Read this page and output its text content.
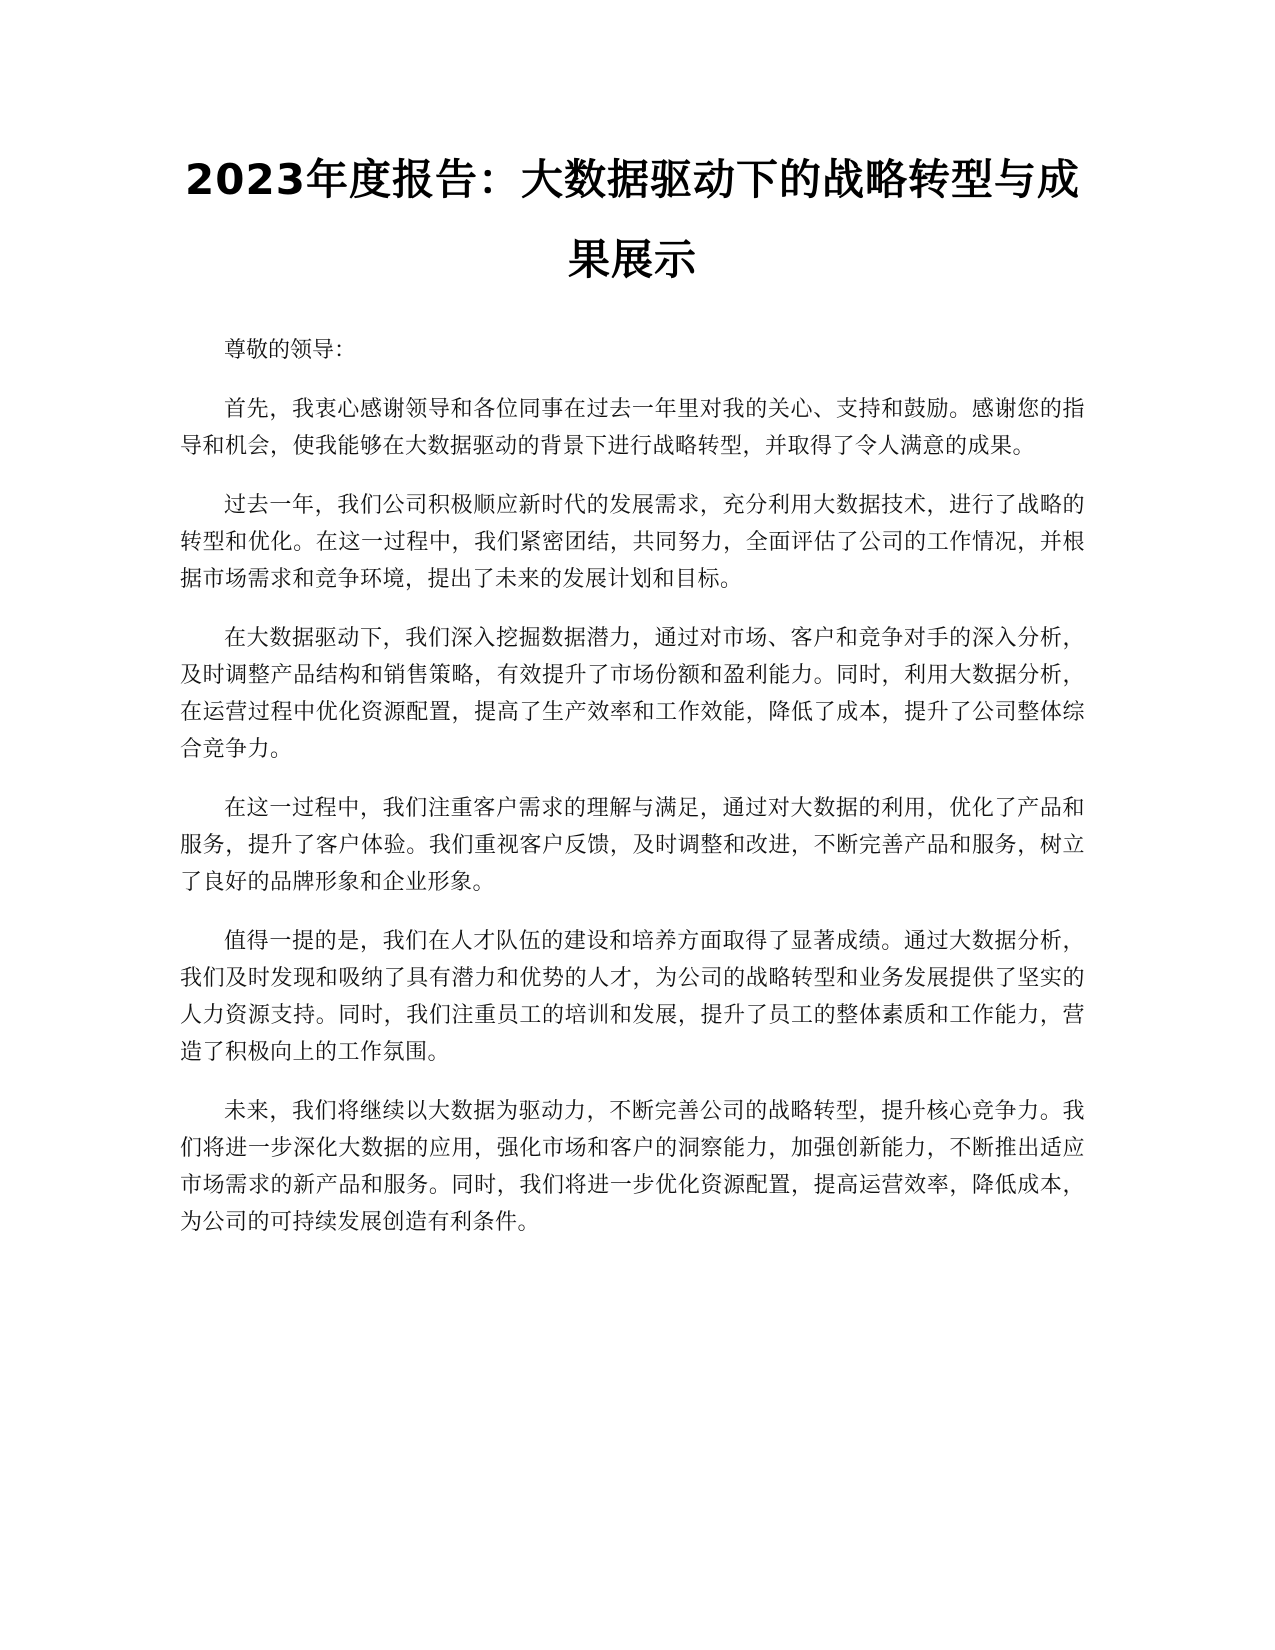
2023年度报告：大数据驱动下的战略转型与成果展示

尊敬的领导：

首先，我衷心感谢领导和各位同事在过去一年里对我的关心、支持和鼓励。感谢您的指导和机会，使我能够在大数据驱动的背景下进行战略转型，并取得了令人满意的成果。

过去一年，我们公司积极顺应新时代的发展需求，充分利用大数据技术，进行了战略的转型和优化。在这一过程中，我们紧密团结，共同努力，全面评估了公司的工作情况，并根据市场需求和竞争环境，提出了未来的发展计划和目标。

在大数据驱动下，我们深入挖掘数据潜力，通过对市场、客户和竞争对手的深入分析，及时调整产品结构和销售策略，有效提升了市场份额和盈利能力。同时，利用大数据分析，在运营过程中优化资源配置，提高了生产效率和工作效能，降低了成本，提升了公司整体综合竞争力。

在这一过程中，我们注重客户需求的理解与满足，通过对大数据的利用，优化了产品和服务，提升了客户体验。我们重视客户反馈，及时调整和改进，不断完善产品和服务，树立了良好的品牌形象和企业形象。

值得一提的是，我们在人才队伍的建设和培养方面取得了显著成绩。通过大数据分析，我们及时发现和吸纳了具有潜力和优势的人才，为公司的战略转型和业务发展提供了坚实的人力资源支持。同时，我们注重员工的培训和发展，提升了员工的整体素质和工作能力，营造了积极向上的工作氛围。

未来，我们将继续以大数据为驱动力，不断完善公司的战略转型，提升核心竞争力。我们将进一步深化大数据的应用，强化市场和客户的洞察能力，加强创新能力，不断推出适应市场需求的新产品和服务。同时，我们将进一步优化资源配置，提高运营效率，降低成本，为公司的可持续发展创造有利条件。
